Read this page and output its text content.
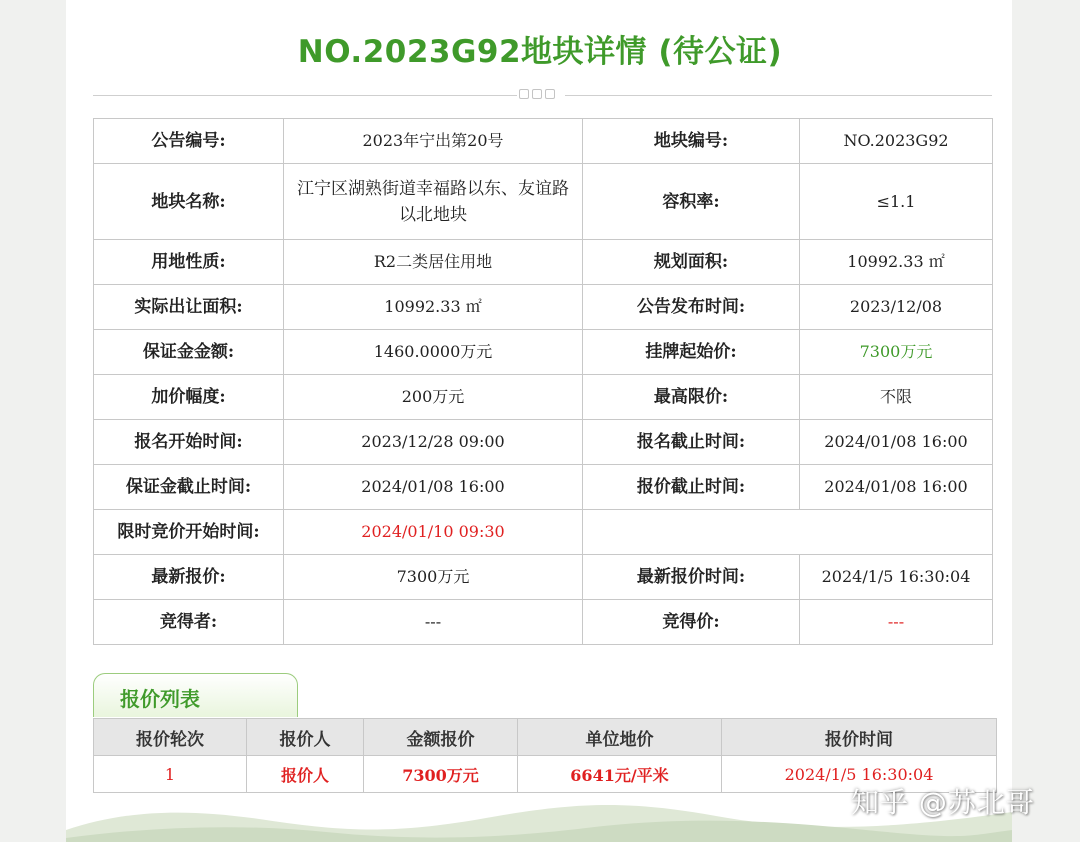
NO.2023G92地块详情 (待公证)
公告编号:	2023年宁出第20号	地块编号:	NO.2023G92
地块名称:	江宁区湖熟街道幸福路以东、友谊路以北地块	容积率:	≤1.1
用地性质:	R2二类居住用地	规划面积:	10992.33 ㎡
实际出让面积:	10992.33 ㎡	公告发布时间:	2023/12/08
保证金金额:	1460.0000万元	挂牌起始价:	7300万元
加价幅度:	200万元	最高限价:	不限
报名开始时间:	2023/12/28 09:00	报名截止时间:	2024/01/08 16:00
保证金截止时间:	2024/01/08 16:00	报价截止时间:	2024/01/08 16:00
限时竞价开始时间:	2024/01/10 09:30		
最新报价:	7300万元	最新报价时间:	2024/1/5 16:30:04
竞得者:	---	竞得价:	---
报价列表
报价轮次	报价人	金额报价	单位地价	报价时间
1	报价人	7300万元	6641元/平米	2024/1/5 16:30:04
知乎 @苏北哥
